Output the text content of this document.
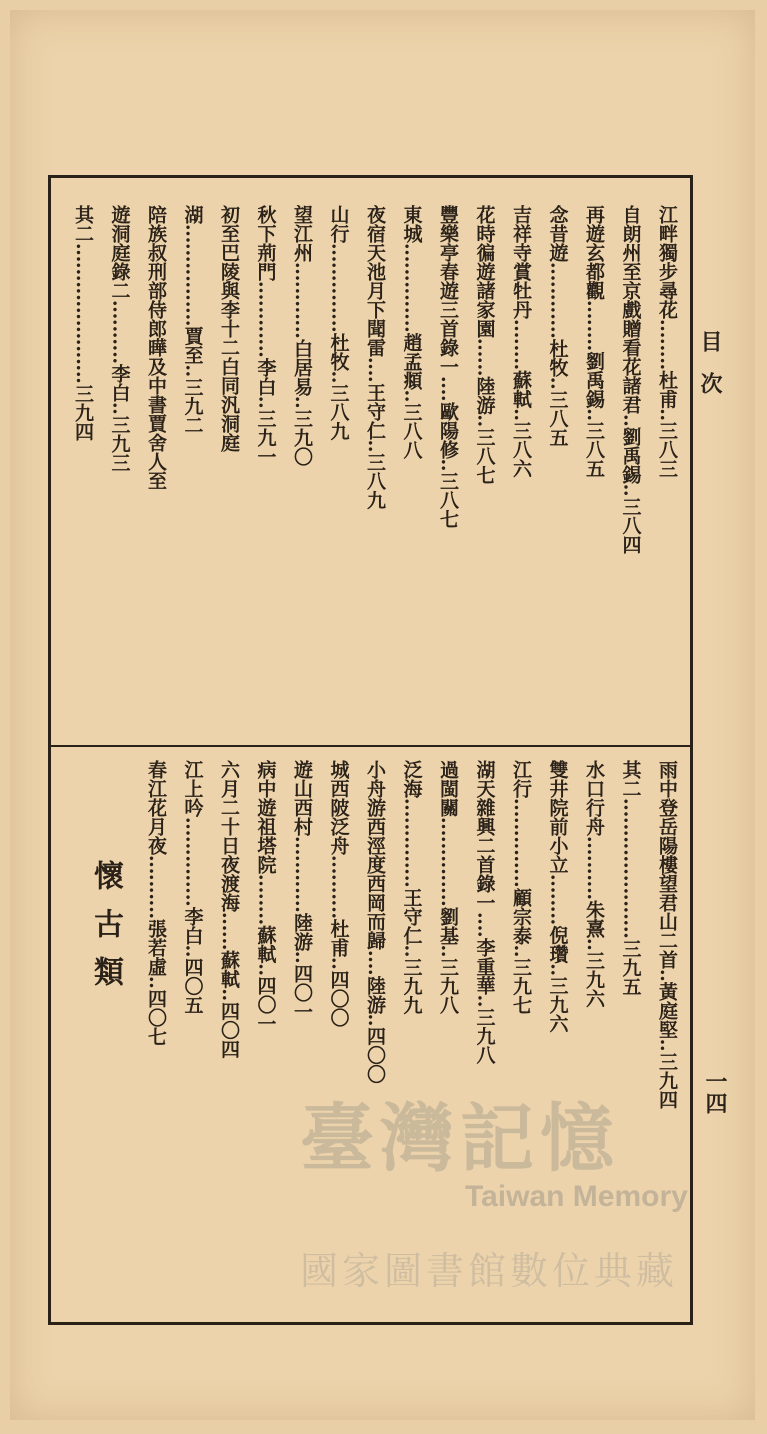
目次
一四
江畔獨步尋花‥‥‥‥杜甫‥三八三
自朗州至京戲贈看花諸君‥劉禹錫‥三八四
再遊玄都觀‥‥‥‥劉禹錫‥三八五
念昔遊‥‥‥‥‥‥杜牧‥三八五
吉祥寺賞牡丹‥‥‥‥蘇軾‥三八六
花時徧遊諸家園‥‥‥陸游‥三八七
豐樂亭春遊三首錄一‥‥歐陽修‥三八七
東城‥‥‥‥‥‥‥趙孟頫‥三八八
夜宿天池月下聞雷‥‥王守仁‥三八九
山行‥‥‥‥‥‥‥杜牧‥三八九
望江州‥‥‥‥‥‥白居易‥三九〇
秋下荊門‥‥‥‥‥‥李白‥三九一
初至巴陵與李十二白同汎洞庭
湖‥‥‥‥‥‥‥‥賈至‥三九二
陪族叔刑部侍郎曄及中書賈舍人至
遊洞庭錄二‥‥‥‥‥李白‥三九三
其二‥‥‥‥‥‥‥‥‥‥‥三九四
雨中登岳陽樓望君山二首‥黃庭堅‥三九四
其二‥‥‥‥‥‥‥‥‥‥‥三九五
水口行舟‥‥‥‥‥朱熹‥三九六
雙井院前小立‥‥‥‥倪瓚‥三九六
江行‥‥‥‥‥‥‥顧宗泰‥三九七
湖天雜興二首錄一‥‥李重華‥三九八
過閩關‥‥‥‥‥‥‥劉基‥三九八
泛海‥‥‥‥‥‥‥王守仁‥三九九
小舟游西涇度西岡而歸‥‥陸游‥四〇〇
城西陂泛舟‥‥‥‥‥杜甫‥四〇〇
遊山西村‥‥‥‥‥‥陸游‥四〇一
病中遊祖塔院‥‥‥‥蘇軾‥四〇一
六月二十日夜渡海‥‥‥蘇軾‥四〇四
江上吟‥‥‥‥‥‥‥李白‥四〇五
春江花月夜‥‥‥‥‥張若虛‥四〇七
懷古類
臺灣記憶
Taiwan Memory
國家圖書館數位典藏
